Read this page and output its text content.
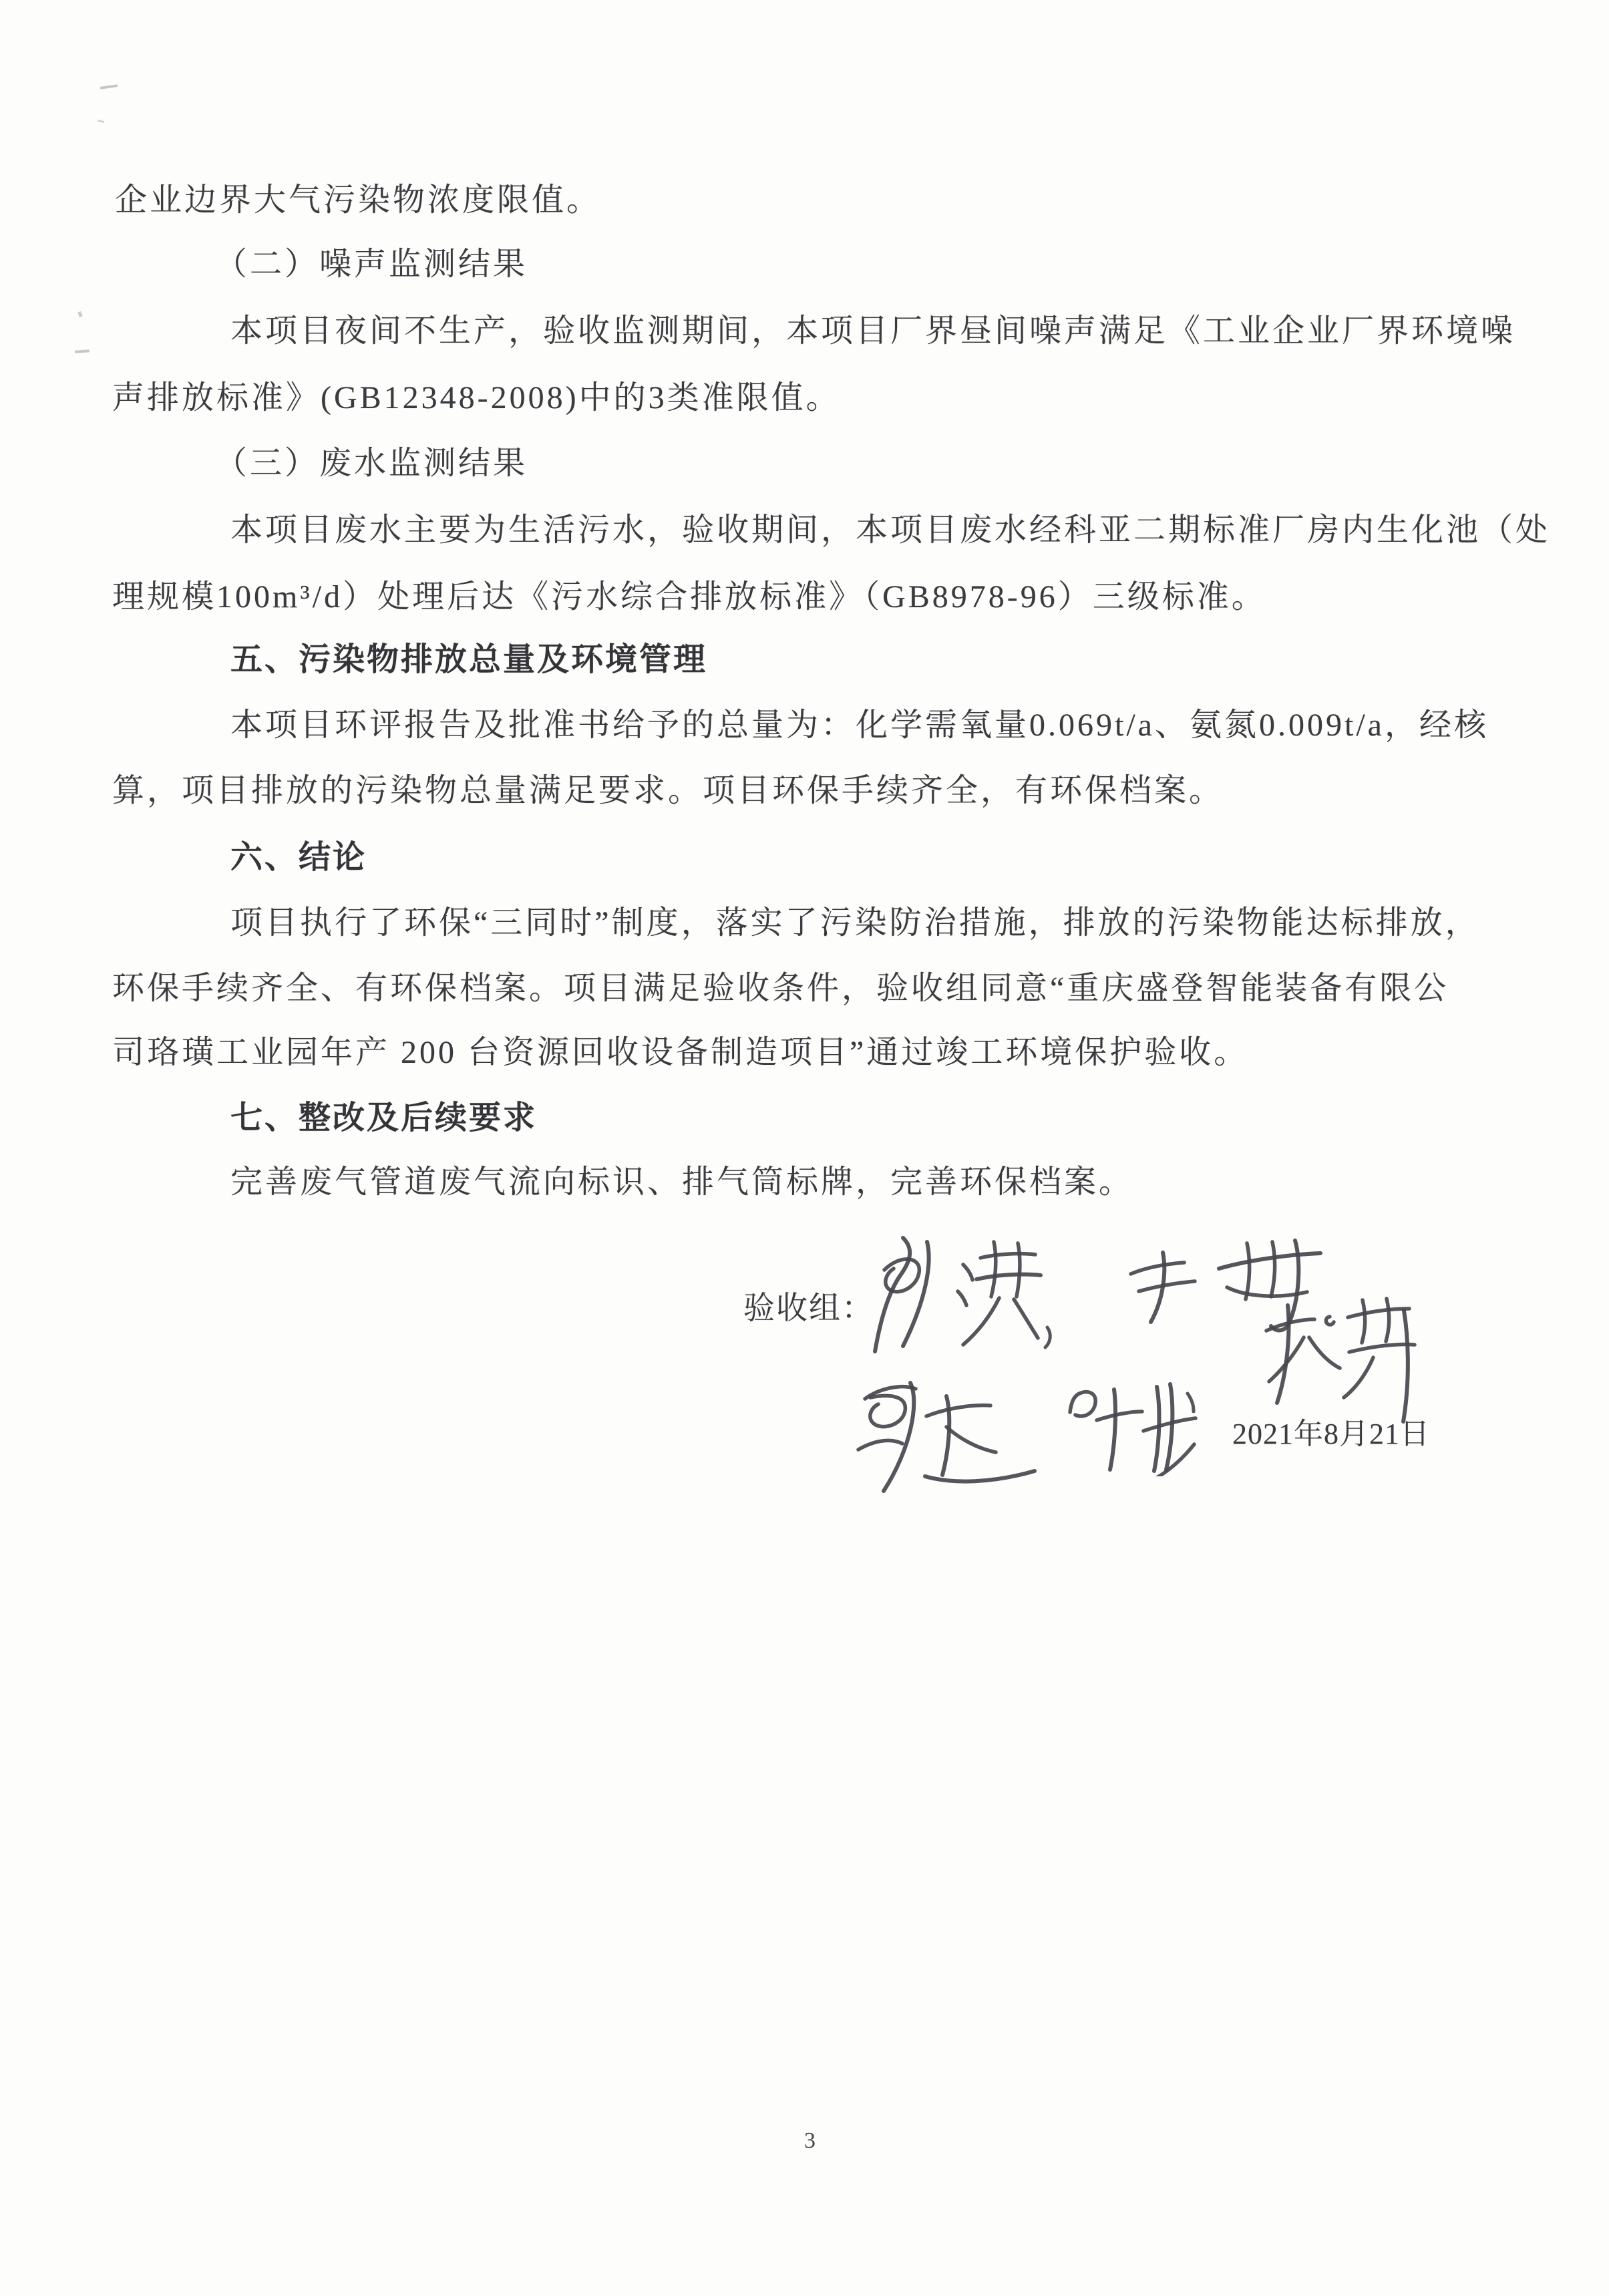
企业边界大气污染物浓度限值。
（二）噪声监测结果
本项目夜间不生产，验收监测期间，本项目厂界昼间噪声满足《工业企业厂界环境噪
声排放标准》(GB12348-2008)中的3类准限值。
（三）废水监测结果
本项目废水主要为生活污水，验收期间，本项目废水经科亚二期标准厂房内生化池（处
理规模100m³/d）处理后达《污水综合排放标准》（GB8978-96）三级标准。
五、污染物排放总量及环境管理
本项目环评报告及批准书给予的总量为：化学需氧量0.069t/a、氨氮0.009t/a，经核
算，项目排放的污染物总量满足要求。项目环保手续齐全，有环保档案。
六、结论
项目执行了环保“三同时”制度，落实了污染防治措施，排放的污染物能达标排放，
环保手续齐全、有环保档案。项目满足验收条件，验收组同意“重庆盛登智能装备有限公
司珞璜工业园年产 200 台资源回收设备制造项目”通过竣工环境保护验收。
七、整改及后续要求
完善废气管道废气流向标识、排气筒标牌，完善环保档案。
验收组：
2021年8月21日
3
